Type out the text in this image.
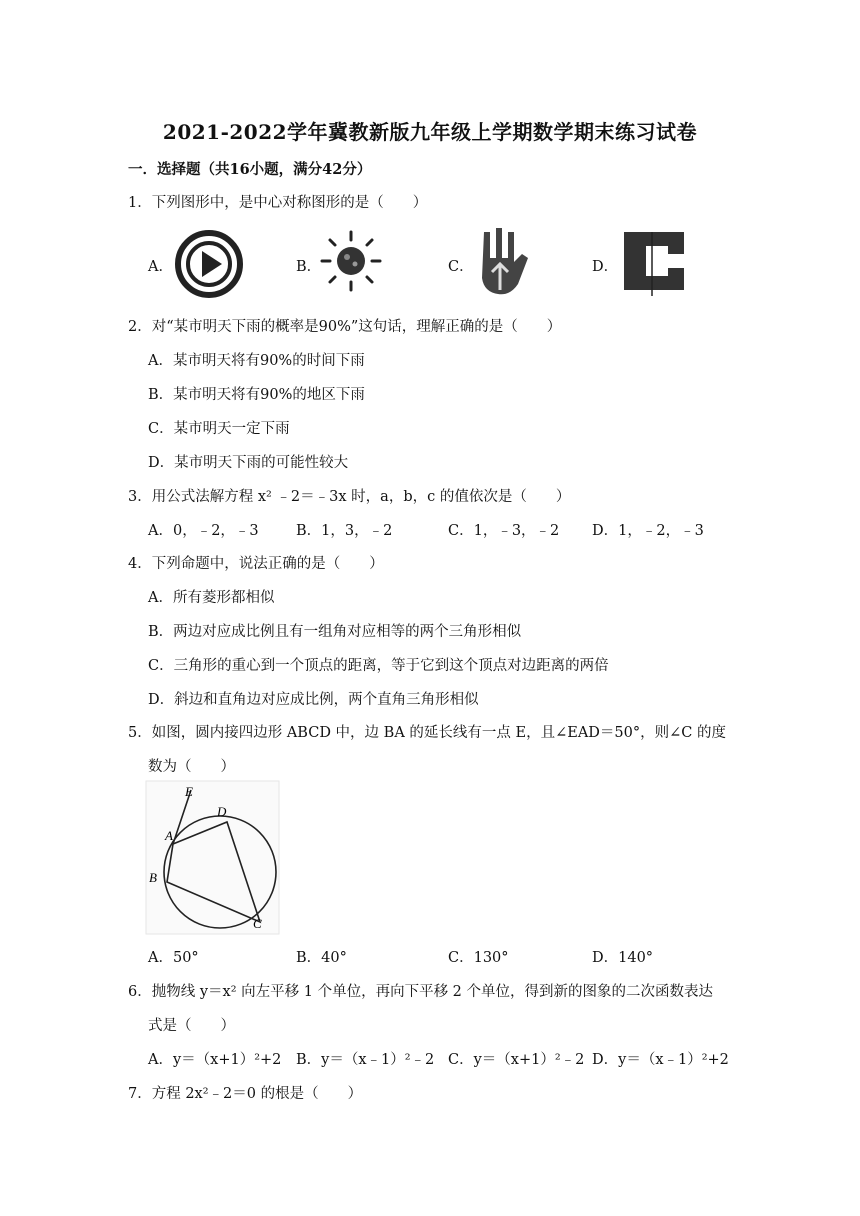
2021-2022学年冀教新版九年级上学期数学期末练习试卷
一．选择题（共16小题，满分42分）
1．下列图形中，是中心对称图形的是（　　）
A．	B．	C．	D．
2．对“某市明天下雨的概率是90%”这句话，理解正确的是（　　）
A．某市明天将有90%的时间下雨
B．某市明天将有90%的地区下雨
C．某市明天一定下雨
D．某市明天下雨的可能性较大
3．用公式法解方程 x² ﹣2＝﹣3x 时，a，b，c 的值依次是（　　）
A．0，﹣2，﹣3	B．1，3，﹣2	C．1，﹣3，﹣2 D．1，﹣2，﹣3
4．下列命题中，说法正确的是（　　）
A．所有菱形都相似
B．两边对应成比例且有一组角对应相等的两个三角形相似
C．三角形的重心到一个顶点的距离，等于它到这个顶点对边距离的两倍
D．斜边和直角边对应成比例，两个直角三角形相似
5．如图，圆内接四边形 ABCD 中，边 BA 的延长线有一点 E，且∠EAD＝50°，则∠C 的度
数为（　　）
E
D
A
B
C
A．50°	B．40°	C．130°	D．140°
6．抛物线 y＝x² 向左平移 1 个单位，再向下平移 2 个单位，得到新的图象的二次函数表达
式是（　　）
A．y＝（x+1）²+2 B．y＝（x﹣1）²﹣2 C．y＝（x+1）²﹣2 D．y＝（x﹣1）²+2
7．方程 2x²﹣2＝0 的根是（　　）
